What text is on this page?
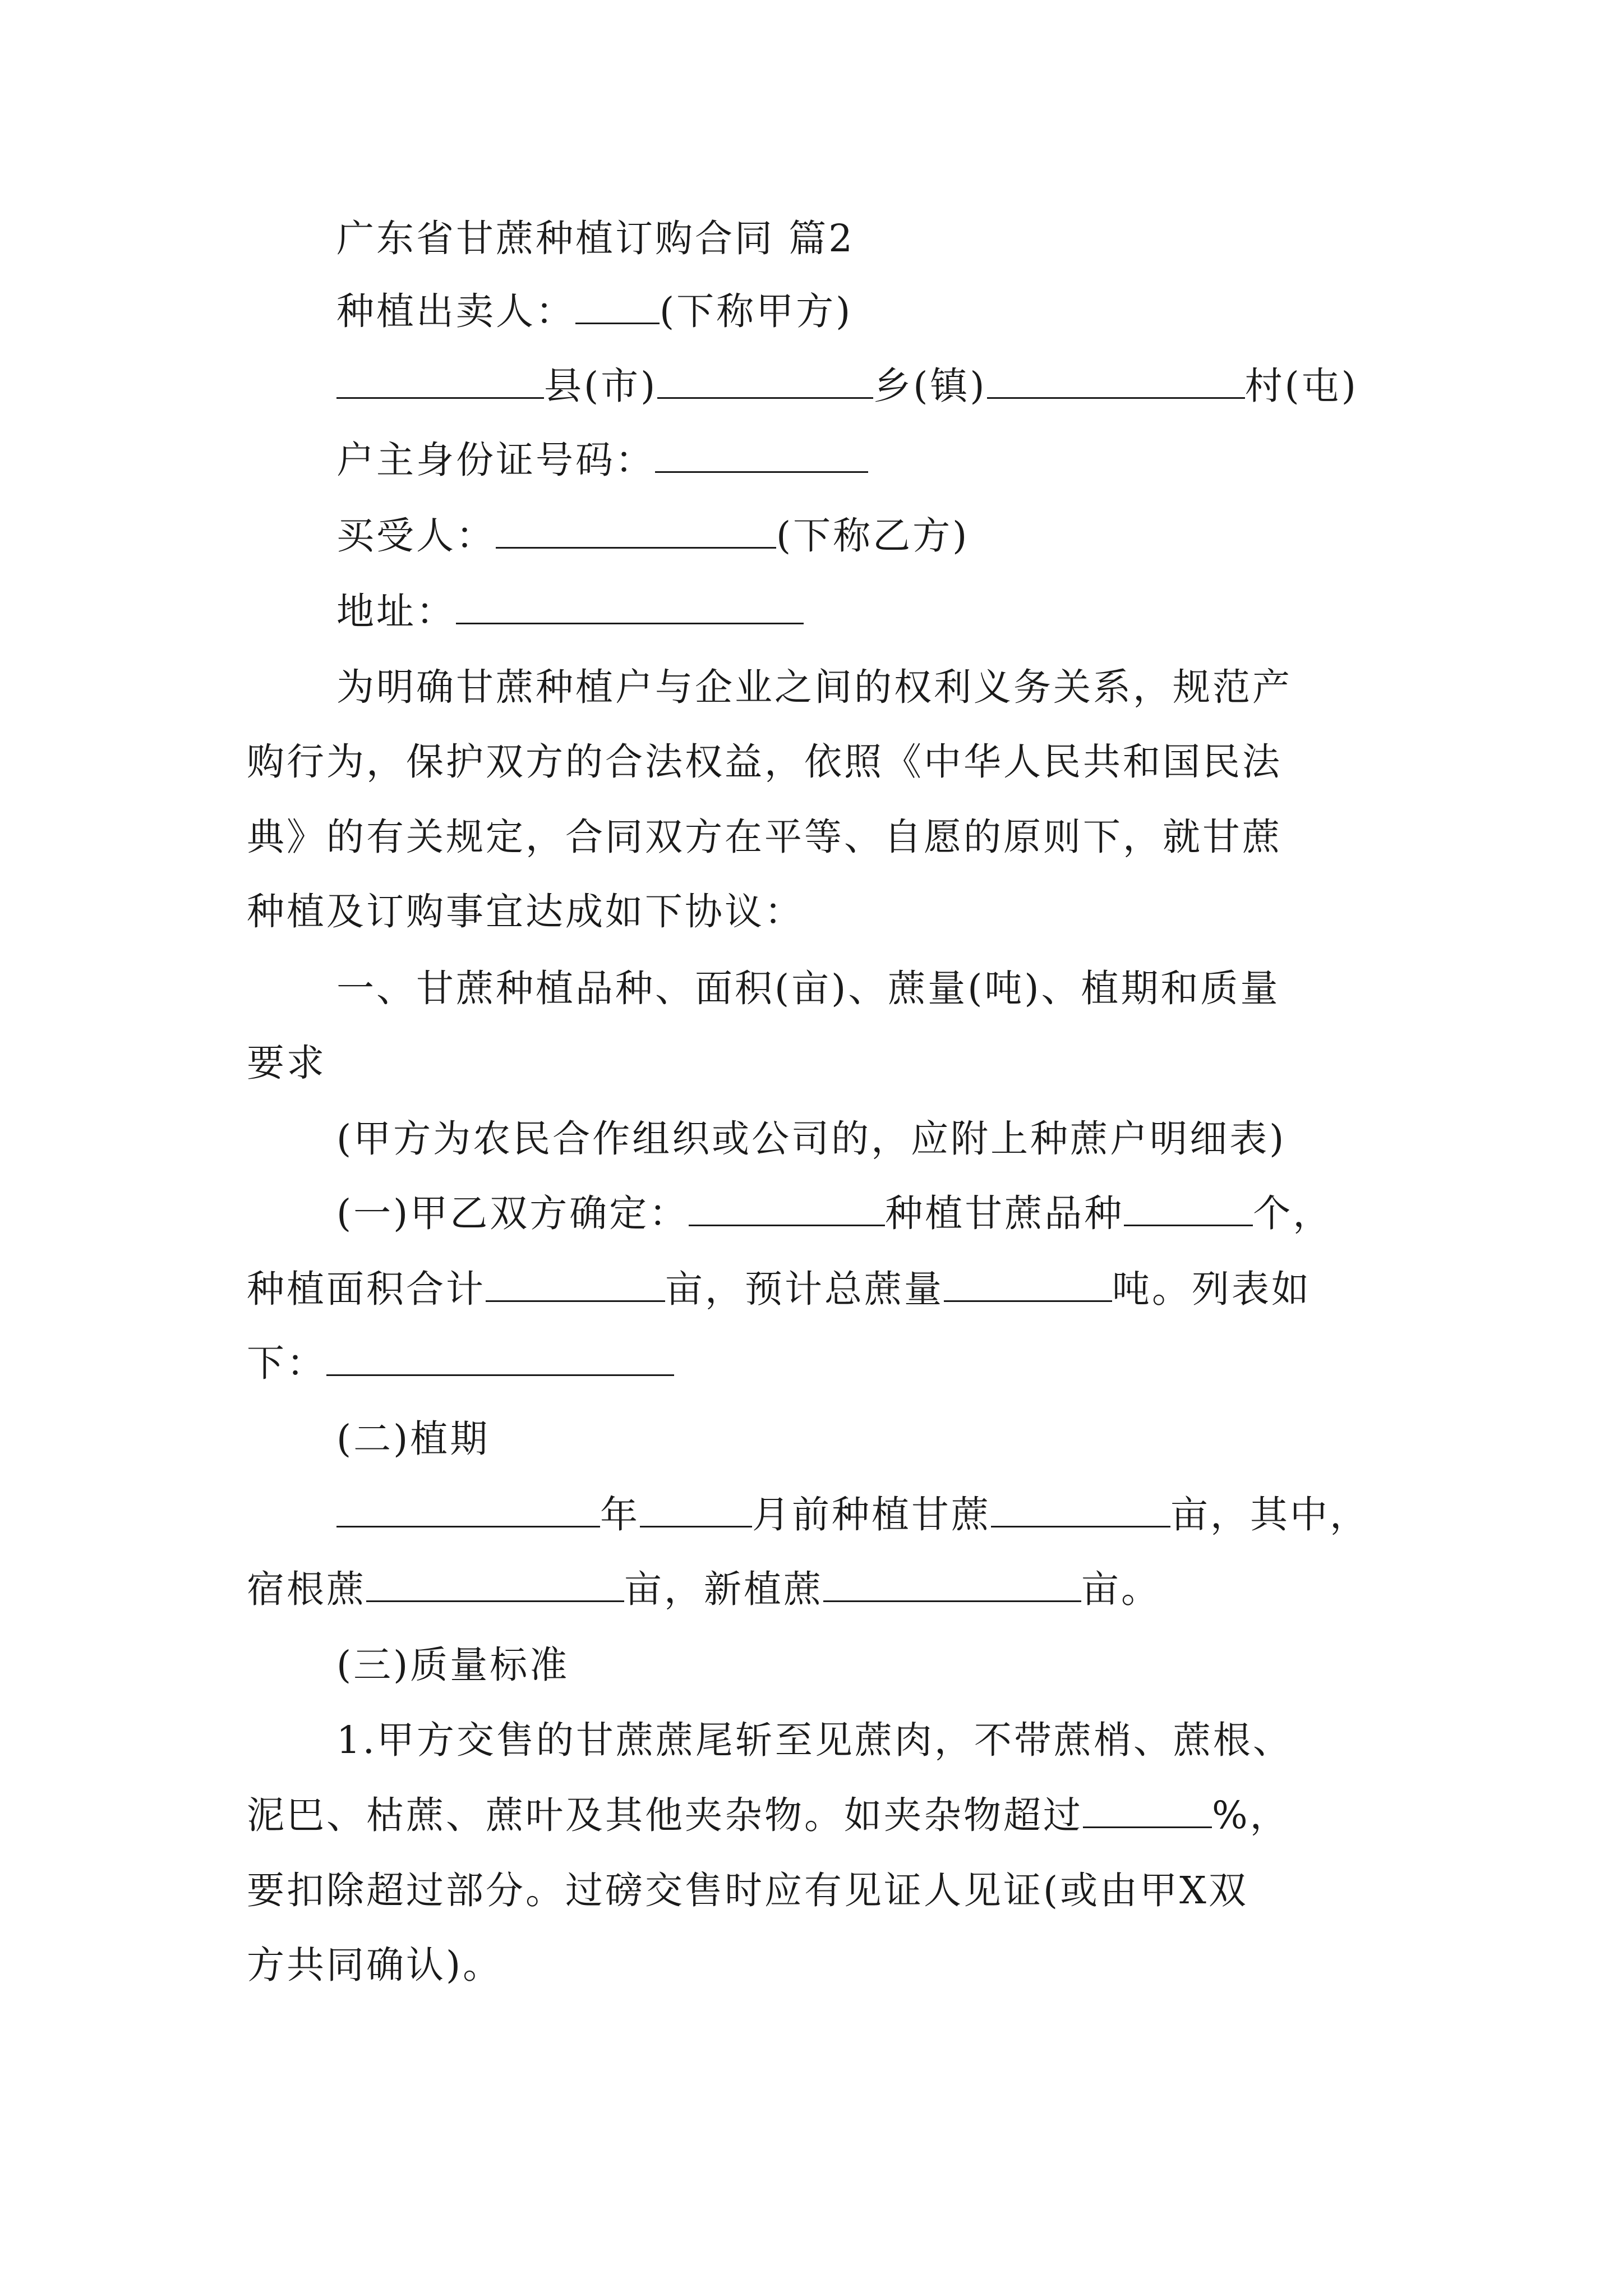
广东省甘蔗种植订购合同 篇2
种植出卖人： (下称甲方)
县(市)	乡(镇)	村(屯)
户主身份证号码：
买受人：	(下称乙方)
地址：
为明确甘蔗种植户与企业之间的权利义务关系，规范产
购行为，保护双方的合法权益，依照《中华人民共和国民法
典》的有关规定，合同双方在平等、自愿的原则下，就甘蔗
种植及订购事宜达成如下协议：
一、甘蔗种植品种、面积(亩)、蔗量(吨)、植期和质量
要求
(甲方为农民合作组织或公司的，应附上种蔗户明细表)
(一)甲乙双方确定：	种植甘蔗品种	个，
种植面积合计	亩，预计总蔗量	吨。列表如
下：
(二)植期
年	月前种植甘蔗	亩，其中，
宿根蔗	亩，新植蔗	亩。
(三)质量标准
1.甲方交售的甘蔗蔗尾斩至见蔗肉，不带蔗梢、蔗根、
泥巴、枯蔗、蔗叶及其他夹杂物。如夹杂物超过	%，
要扣除超过部分。过磅交售时应有见证人见证(或由甲X双
方共同确认)。
